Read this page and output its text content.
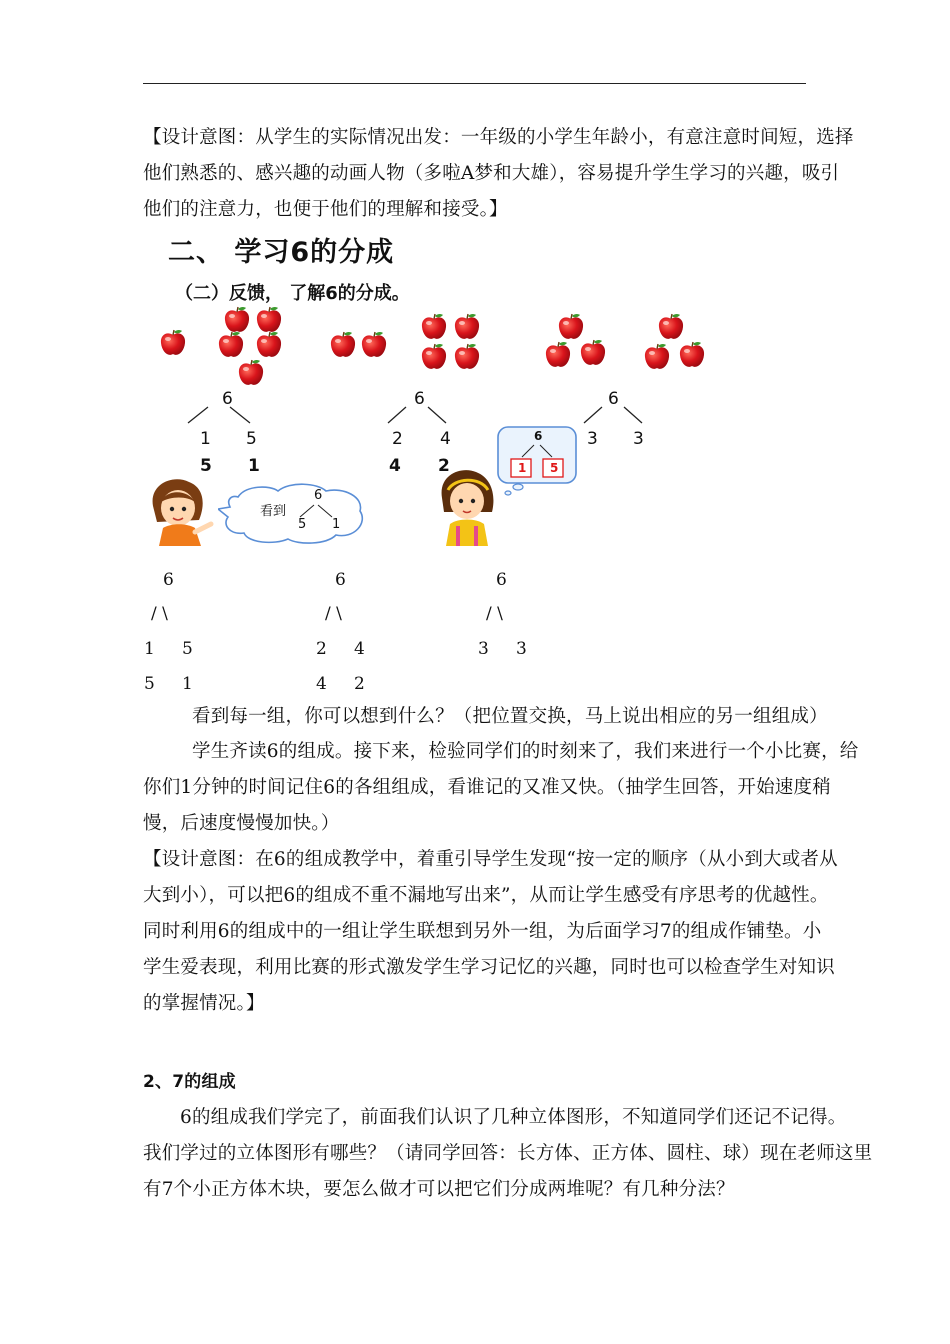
【设计意图：从学生的实际情况出发：一年级的小学生年龄小，有意注意时间短，选择
他们熟悉的、感兴趣的动画人物（多啦A梦和大雄），容易提升学生学习的兴趣，吸引
他们的注意力，也便于他们的理解和接受。】
二、 学习6的分成
（二）反馈， 了解6的分成。
6
1 5
5 1
6
2 4
4 2
6
3 3
看到
6
5 1
6
1 5
6
/ \
1 5
5 1
6
/ \
2 4
4 2
6
/ \
3 3
看到每一组，你可以想到什么？（把位置交换，马上说出相应的另一组组成）
学生齐读6的组成。接下来，检验同学们的时刻来了，我们来进行一个小比赛，给
你们1分钟的时间记住6的各组组成，看谁记的又准又快。（抽学生回答，开始速度稍
慢，后速度慢慢加快。）
【设计意图：在6的组成教学中，着重引导学生发现“按一定的顺序（从小到大或者从
大到小），可以把6的组成不重不漏地写出来”，从而让学生感受有序思考的优越性。
同时利用6的组成中的一组让学生联想到另外一组，为后面学习7的组成作铺垫。小
学生爱表现，利用比赛的形式激发学生学习记忆的兴趣，同时也可以检查学生对知识
的掌握情况。】
2、7的组成
6的组成我们学完了，前面我们认识了几种立体图形，不知道同学们还记不记得。
我们学过的立体图形有哪些？（请同学回答：长方体、正方体、圆柱、球）现在老师这里
有7个小正方体木块，要怎么做才可以把它们分成两堆呢？有几种分法？
